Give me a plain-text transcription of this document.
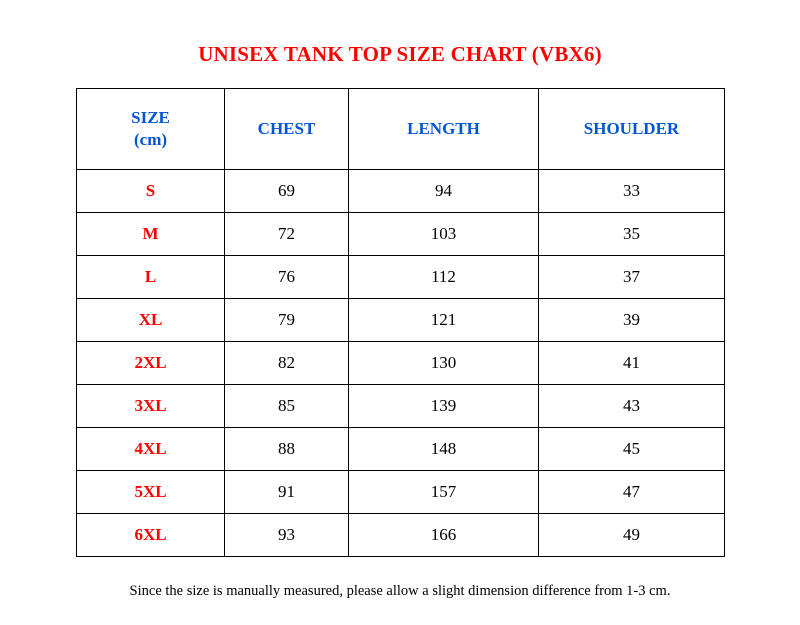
UNISEX TANK TOP SIZE CHART (VBX6)
SIZE
(cm)	CHEST	LENGTH	SHOULDER
S	69	94	33
M	72	103	35
L	76	112	37
XL	79	121	39
2XL	82	130	41
3XL	85	139	43
4XL	88	148	45
5XL	91	157	47
6XL	93	166	49
Since the size is manually measured, please allow a slight dimension difference from 1-3 cm.
